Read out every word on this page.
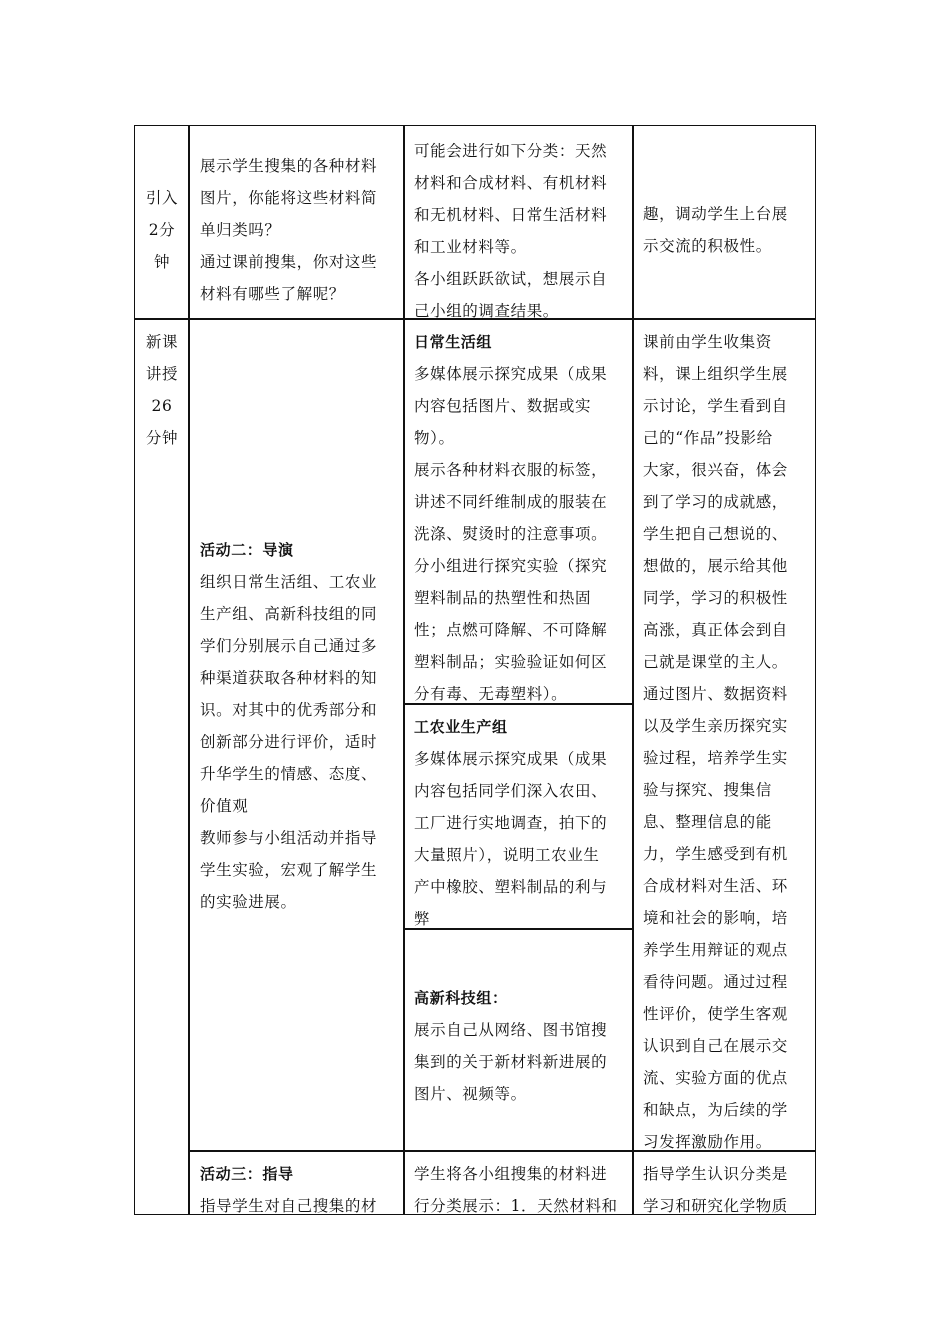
引入

2分

钟

展示学生搜集的各种材料

图片，你能将这些材料简

单归类吗？

通过课前搜集，你对这些

材料有哪些了解呢？

可能会进行如下分类：天然

材料和合成材料、有机材料

和无机材料、日常生活材料

和工业材料等。

各小组跃跃欲试，想展示自

己小组的调查结果。

趣，调动学生上台展

示交流的积极性。

新课

讲授

26

分钟

活动二：导演

组织日常生活组、工农业

生产组、高新科技组的同

学们分别展示自己通过多

种渠道获取各种材料的知

识。对其中的优秀部分和

创新部分进行评价，适时

升华学生的情感、态度、

价值观

教师参与小组活动并指导

学生实验，宏观了解学生

的实验进展。

日常生活组

多媒体展示探究成果（成果

内容包括图片、数据或实

物）。

展示各种材料衣服的标签，

讲述不同纤维制成的服装在

洗涤、熨烫时的注意事项。

分小组进行探究实验（探究

塑料制品的热塑性和热固

性；点燃可降解、不可降解

塑料制品；实验验证如何区

分有毒、无毒塑料）。

工农业生产组

多媒体展示探究成果（成果

内容包括同学们深入农田、

工厂进行实地调查，拍下的

大量照片），说明工农业生

产中橡胶、塑料制品的利与

弊

高新科技组：

展示自己从网络、图书馆搜

集到的关于新材料新进展的

图片、视频等。

课前由学生收集资

料，课上组织学生展

示讨论，学生看到自

己的“作品”投影给

大家，很兴奋，体会

到了学习的成就感，

学生把自己想说的、

想做的，展示给其他

同学，学习的积极性

高涨，真正体会到自

己就是课堂的主人。

通过图片、数据资料

以及学生亲历探究实

验过程，培养学生实

验与探究、搜集信

息、整理信息的能

力，学生感受到有机

合成材料对生活、环

境和社会的影响，培

养学生用辩证的观点

看待问题。通过过程

性评价，使学生客观

认识到自己在展示交

流、实验方面的优点

和缺点，为后续的学

习发挥激励作用。

活动三：指导

指导学生对自己搜集的材

学生将各小组搜集的材料进

行分类展示：1．天然材料和

指导学生认识分类是

学习和研究化学物质
